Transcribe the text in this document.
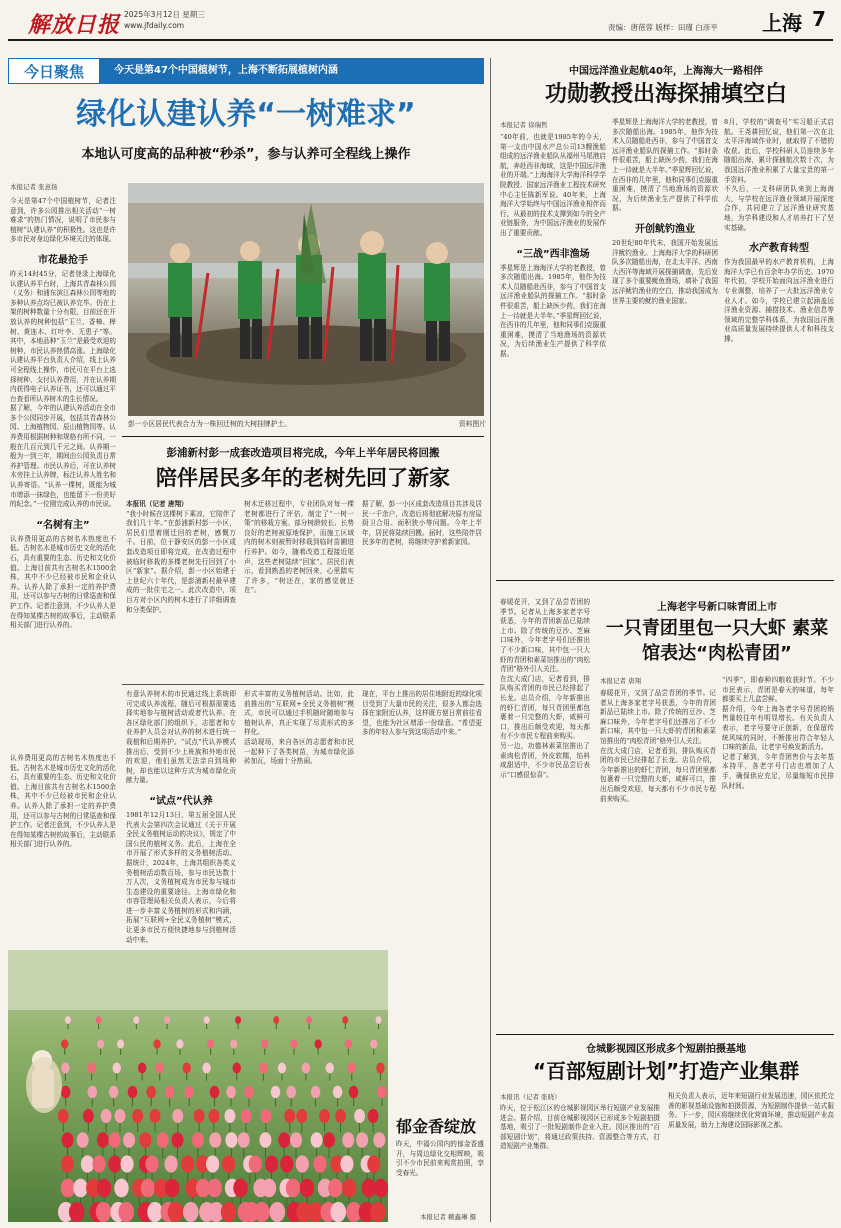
解放日报 2025年3月12日 星期三
www.jfdaily.com	责编：唐蓓蓉 版样：田瑾 白彦平 上海 7
今日聚焦	今天是第47个中国植树节，上海不断拓展植树内涵
绿化认建认养“一树难求”
本地认可度高的品种被“秒杀”，参与认养可全程线上操作
本报记者 张意扬
今天是第47个中国植树节，记者注意到，许多公园推出相关活动“一树难求”的热门情况，说明了市民参与植树“认建认养”的积极性。这也是许多市民对身边绿化环境关注的体现。
市花最抢手
昨天14时45分，记者登录上海绿化认建认养平台时，上海共青森林公园（义务）和浦东滨江森林公园等地的多种认养点均已被认养完毕。仍在上架的树种数量十分有限，目前还在开放认养的树种包括“玉兰、香樟、榉树、黄连木、红叶李、无患子”等。其中，本地品种“玉兰”是最受欢迎的树种，市民认养热情高涨。上海绿化认建认养平台负责人介绍，线上认养可全程线上操作，市民可在平台上选择树种、支付认养费用，并在认养期内获得电子认养证书，还可以通过平台查看所认养树木的生长情况。
据了解，今年的认建认养活动在全市多个公园同步开展，包括共青森林公园、上海植物园、辰山植物园等。认养费用根据树种和规格有所不同，一般在几百元到几千元之间。认养期一般为一到三年，期间由公园负责日常养护管理。市民认养后，可在认养树木旁挂上认养牌，标注认养人姓名和认养寄语。“认养一棵树，既能为城市增添一抹绿色，也能留下一份美好的纪念。”一位刚完成认养的市民说。
“名树有主”
认养费用更高的古树名木热度也不低。古树名木是城市历史文化的活化石，具有重要的生态、历史和文化价值。上海目前共有古树名木1500余株，其中不少已经被市民和企业认养。认养人除了承担一定的养护费用，还可以参与古树的日常巡查和保护工作。记者注意到，不少认养人是在得知某棵古树的故事后，主动联系相关部门进行认养的。
彭一小区居民代表合力为一株回迁树的大树挂牌护土。	资料图片
彭浦新村彭一成套改造项目将完成，今年上半年居民将回搬
陪伴居民多年的老树先回了新家
本报讯（记者 唐翔）
“我小时候在这棵树下乘凉，它陪伴了我们几十年。”在彭浦新村彭一小区，居民们望着刚迁回的老树，感慨万千。日前，位于静安区的彭一小区成套改造项目即将完成，在改造过程中被临时移栽的多棵老树先行回到了小区“新家”。据介绍，彭一小区始建于上世纪六十年代，是彭浦新村最早建成的一批住宅之一。此次改造中，项目方对小区内的树木进行了详细调查和分类保护。
树木迁移过程中，专业团队对每一棵老树都进行了评估，制定了“一树一策”的移栽方案。部分树龄较长、长势良好的老树被原地保护，而施工区域内的树木则被暂时移栽到临时苗圃进行养护。如今，随着改造工程接近尾声，这些老树陆续“回家”。居民们表示，看到熟悉的老树回来，心里踏实了许多，“树还在，家的感觉就还在”。
据了解，彭一小区成套改造项目共涉及居民一千余户，改造后将彻底解决原有房屋厨卫合用、面积狭小等问题。今年上半年，居民将陆续回搬。届时，这些陪伴居民多年的老树，将继续守护着新家园。
有意认养树木的市民通过线上系统即可完成认养流程，随后可根据需要选择实地参与植树活动或者代认养。在各区绿化部门的组织下，志愿者和专业养护人员会对认养的树木进行统一栽植和后期养护。“试点”代认养模式推出后，受到不少上班族和外地市民的欢迎，他们虽然无法亲自到场种树，却也能以这种方式为城市绿化贡献力量。
“试点”代认养
1981年12月13日，第五届全国人民代表大会第四次会议通过《关于开展全民义务植树运动的决议》，规定了中国公民的植树义务。此后，上海在全市开展了形式多样的义务植树活动。据统计，2024年，上海共组织各类义务植树活动数百场，参与市民达数十万人次，义务植树成为市民参与城市生态建设的重要途径。上海市绿化和市容管理局相关负责人表示，今后将进一步丰富义务植树的形式和内涵，拓展“互联网+全民义务植树”模式，让更多市民方便快捷地参与到植树活动中来。
形式丰富的义务植树活动。比如，此前推出的“互联网+全民义务植树”模式，市民可以通过手机随时随地参与植树认养，真正实现了尽责形式的多样化。
活动现场，来自各区的志愿者和市民一起种下了各类树苗，为城市绿化添砖加瓦，场面十分热闹。
现在，平台上推出的居住地附近的绿化项目受到了大量市民的关注，很多人都会选择在家附近认养，这样既方便日常前往看望，也能为社区增添一份绿意。“希望更多的年轻人参与到这项活动中来。”
认养费用更高的古树名木热度也不低。古树名木是城市历史文化的活化石，具有重要的生态、历史和文化价值。上海目前共有古树名木1500余株，其中不少已经被市民和企业认养。认养人除了承担一定的养护费用，还可以参与古树的日常巡查和保护工作。记者注意到，不少认养人是在得知某棵古树的故事后，主动联系相关部门进行认养的。
郁金香绽放
昨天，中福公园内的郁金香盛开，与周边绿化交相辉映，吸引不少市民前来观赏拍照，享受春光。
本报记者 赖鑫琳 摄
中国远洋渔业起航40年，上海海大一路相伴
功勋教授出海探捕填空白
本报记者 徐瑞哲
“40年前，也就是1985年的今天，第一支由中国水产总公司13艘渔船组成的远洋渔业船队从福州马尾港启航，奔赴西非海域，这是中国远洋渔业的开端。”上海海洋大学海洋科学学院教授、国家远洋渔业工程技术研究中心主任陈新军说。40年来，上海海洋大学始终与中国远洋渔业相伴而行，从最初的技术支撑到如今的全产业链服务，为中国远洋渔业的发展作出了重要贡献。
“三战”西非渔场
季星辉是上海海洋大学的老教授，曾多次随船出海。1985年，他作为技术人员随船赴西非，参与了中国首支远洋渔业船队的探捕工作。“那时条件很艰苦，船上缺医少药，我们在海上一待就是大半年。”季星辉回忆说，在西非的几年里，他和同事们克服重重困难，摸清了当地渔场的资源状况，为后续渔业生产提供了科学依据。
季星辉是上海海洋大学的老教授，曾多次随船出海。1985年，他作为技术人员随船赴西非，参与了中国首支远洋渔业船队的探捕工作。“那时条件很艰苦，船上缺医少药，我们在海上一待就是大半年。”季星辉回忆说，在西非的几年里，他和同事们克服重重困难，摸清了当地渔场的资源状况，为后续渔业生产提供了科学依据。
开创鱿钓渔业
20世纪80年代末，我国开始发展远洋鱿钓渔业。上海海洋大学的科研团队多次随船出海，在北太平洋、西南大西洋等海域开展探捕调查，先后发现了多个重要鱿鱼渔场，填补了我国远洋鱿钓渔业的空白，推动我国成为世界主要的鱿钓渔业国家。
8月，学校的“调查号”实习船正式启航。王尧耕回忆说，他们第一次在北太平洋海域作业时，就取得了不错的收获。此后，学校科研人员连续多年随船出海，累计探捕航次数十次，为我国远洋渔业积累了大量宝贵的第一手资料。
不久后，一支科研团队来到上海海大，与学校在远洋渔业领域开展深度合作，共同建立了远洋渔业研究基地，为学科建设和人才培养打下了坚实基础。
水产教育转型
作为我国最早的水产教育机构，上海海洋大学已有百余年办学历史。1970年代初，学校开始面向远洋渔业进行专业调整，培养了一大批远洋渔业专业人才。如今，学校已建立起涵盖远洋渔业资源、捕捞技术、渔业信息等领域的完整学科体系，为我国远洋渔业高质量发展持续提供人才和科技支撑。
上海老字号新口味青团上市
一只青团里包一只大虾 素菜馆表达“肉松青团”
春暖花开，又到了品尝青团的季节。记者从上海多家老字号获悉，今年的青团新品已陆续上市。除了传统的豆沙、芝麻口味外，今年老字号们还推出了不少新口味，其中包一只大虾的青团和素菜馆推出的“肉松青团”格外引人关注。
在沈大成门店，记者看到，排队购买青团的市民已经排起了长龙。店员介绍，今年新推出的虾仁青团，每只青团里都包裹着一只完整的大虾，咸鲜可口，推出后颇受欢迎，每天都有不少市民专程前来购买。
另一边，功德林素菜馆推出了素肉松青团，外皮软糯，馅料咸甜适中，不少市民品尝后表示“口感很惊喜”。
本报记者 唐翔
春暖花开，又到了品尝青团的季节。记者从上海多家老字号获悉，今年的青团新品已陆续上市。除了传统的豆沙、芝麻口味外，今年老字号们还推出了不少新口味，其中包一只大虾的青团和素菜馆推出的“肉松青团”格外引人关注。
在沈大成门店，记者看到，排队购买青团的市民已经排起了长龙。店员介绍，今年新推出的虾仁青团，每只青团里都包裹着一只完整的大虾，咸鲜可口，推出后颇受欢迎，每天都有不少市民专程前来购买。
“四季”，即春种四粮收获时节。不少市民表示，青团是春天的味道，每年都要买上几盒尝鲜。
据介绍，今年上海各老字号青团的销售量较往年有明显增长。有关负责人表示，老字号要守正创新，在保留传统风味的同时，不断推出符合年轻人口味的新品，让老字号焕发新活力。
记者了解到，今年青团售价与去年基本持平，各老字号门店也增加了人手，确保供应充足，尽量缩短市民排队时间。
仓城影视园区形成多个短剧拍摄基地
“百部短剧计划”打造产业集群
本报讯（记者 张晓）
昨天，位于松江区的仓城影视园区举行短剧产业发展推进会。据介绍，目前仓城影视园区已形成多个短剧拍摄基地，吸引了一批短剧制作企业入驻。园区推出的“百部短剧计划”，将通过政策扶持、资源整合等方式，打造短剧产业集群。
相关负责人表示，近年来短剧行业发展迅速，园区依托完善的影视基础设施和拍摄资源，为短剧制作提供一站式服务。下一步，园区将继续优化营商环境，推动短剧产业高质量发展，助力上海建设国际影视之都。
